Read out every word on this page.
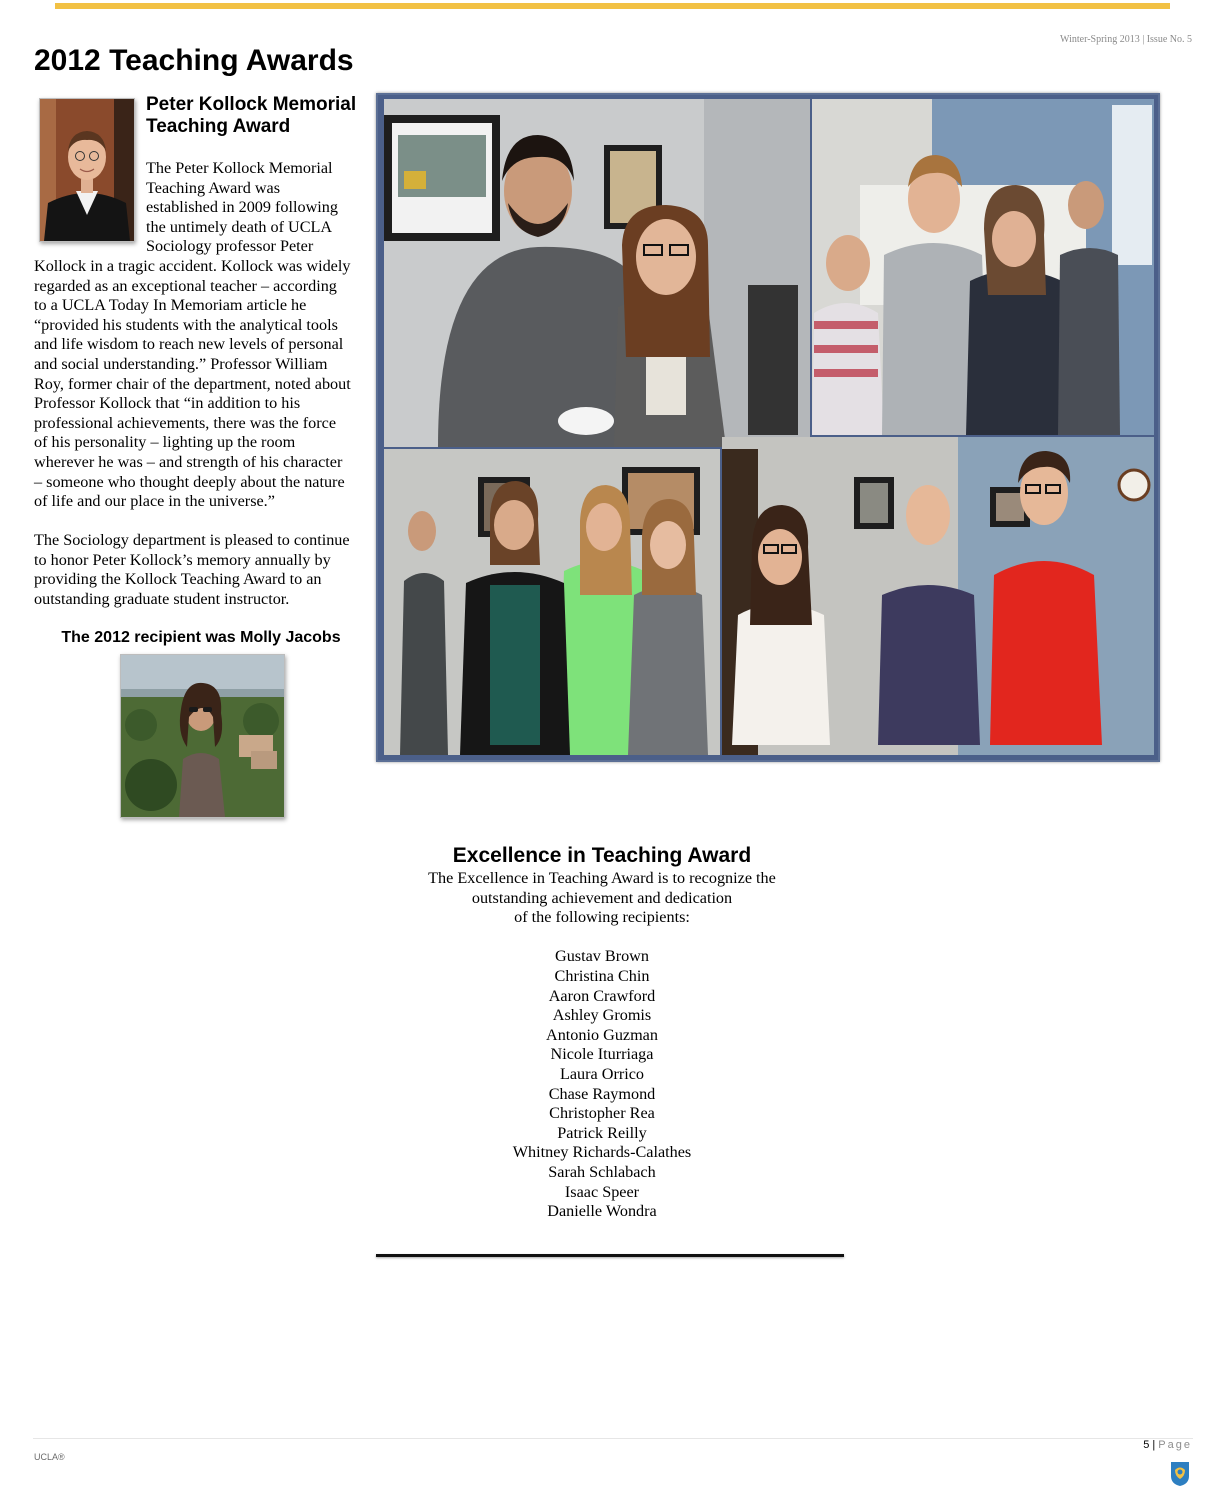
Winter-Spring 2013 | Issue No. 5
2012 Teaching Awards
Peter Kollock Memorial
Teaching Award

The Peter Kollock Memorial
Teaching Award was
established in 2009 following
the untimely death of UCLA
Sociology professor Peter

Kollock in a tragic accident. Kollock was widely
regarded as an exceptional teacher – according
to a UCLA Today In Memoriam article he
“provided his students with the analytical tools
and life wisdom to reach new levels of personal
and social understanding.” Professor William
Roy, former chair of the department, noted about
Professor Kollock that “in addition to his
professional achievements, there was the force
of his personality – lighting up the room
wherever he was – and strength of his character
– someone who thought deeply about the nature
of life and our place in the universe.”

The Sociology department is pleased to continue
to honor Peter Kollock’s memory annually by
providing the Kollock Teaching Award to an
outstanding graduate student instructor.

The 2012 recipient was Molly Jacobs

Excellence in Teaching Award

The Excellence in Teaching Award is to recognize the
outstanding achievement and dedication
of the following recipients:

Gustav Brown
Christina Chin
Aaron Crawford
Ashley Gromis
Antonio Guzman
Nicole Iturriaga
Laura Orrico
Chase Raymond
Christopher Rea
Patrick Reilly
Whitney Richards-Calathes
Sarah Schlabach
Isaac Speer
Danielle Wondra
5 | Page
UCLA®
